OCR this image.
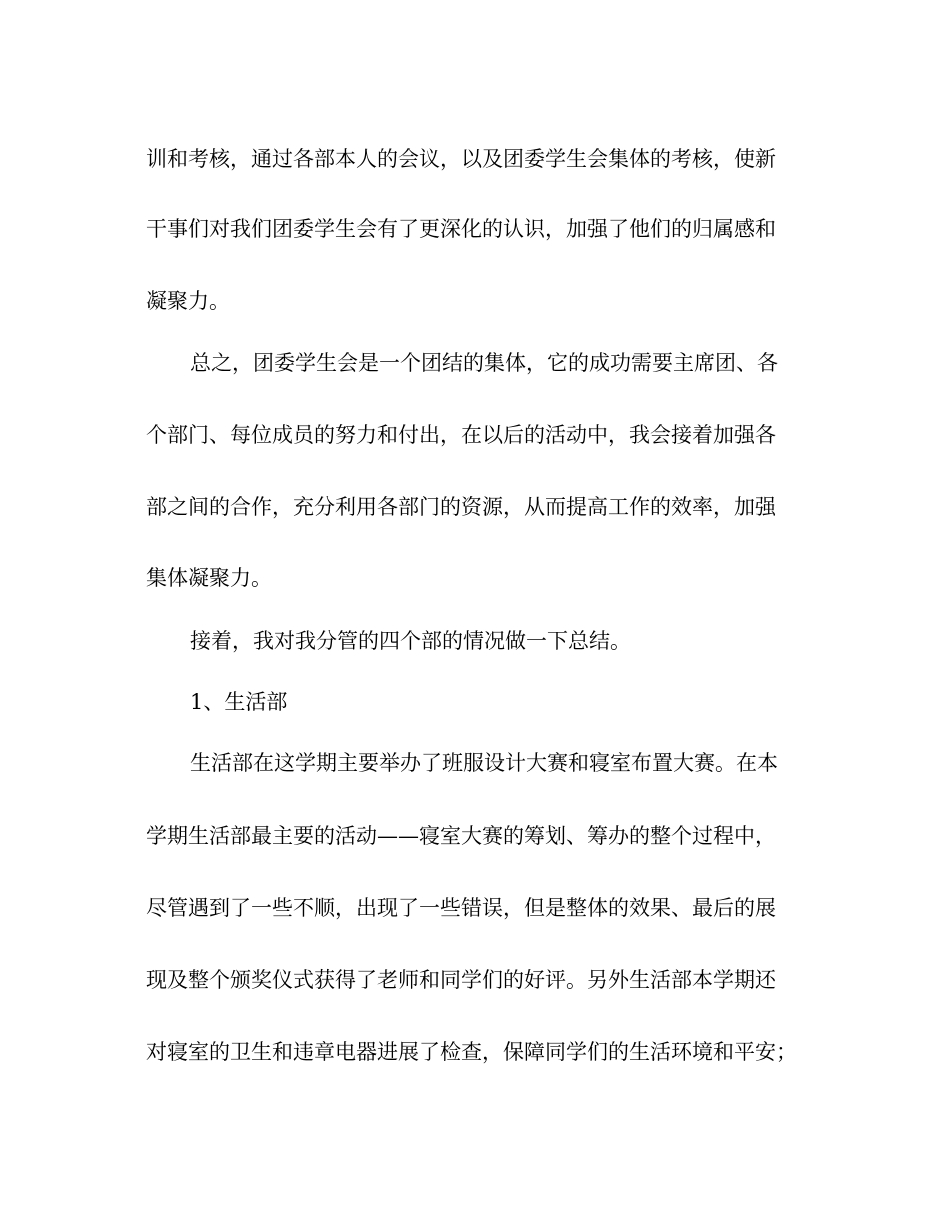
训和考核，通过各部本人的会议，以及团委学生会集体的考核，使新
干事们对我们团委学生会有了更深化的认识，加强了他们的归属感和
凝聚力。
总之，团委学生会是一个团结的集体，它的成功需要主席团、各
个部门、每位成员的努力和付出，在以后的活动中，我会接着加强各
部之间的合作，充分利用各部门的资源，从而提高工作的效率，加强
集体凝聚力。
接着，我对我分管的四个部的情况做一下总结。
1、生活部
生活部在这学期主要举办了班服设计大赛和寝室布置大赛。在本
学期生活部最主要的活动——寝室大赛的筹划、筹办的整个过程中，
尽管遇到了一些不顺，出现了一些错误，但是整体的效果、最后的展
现及整个颁奖仪式获得了老师和同学们的好评。另外生活部本学期还
对寝室的卫生和违章电器进展了检查，保障同学们的生活环境和平安；
